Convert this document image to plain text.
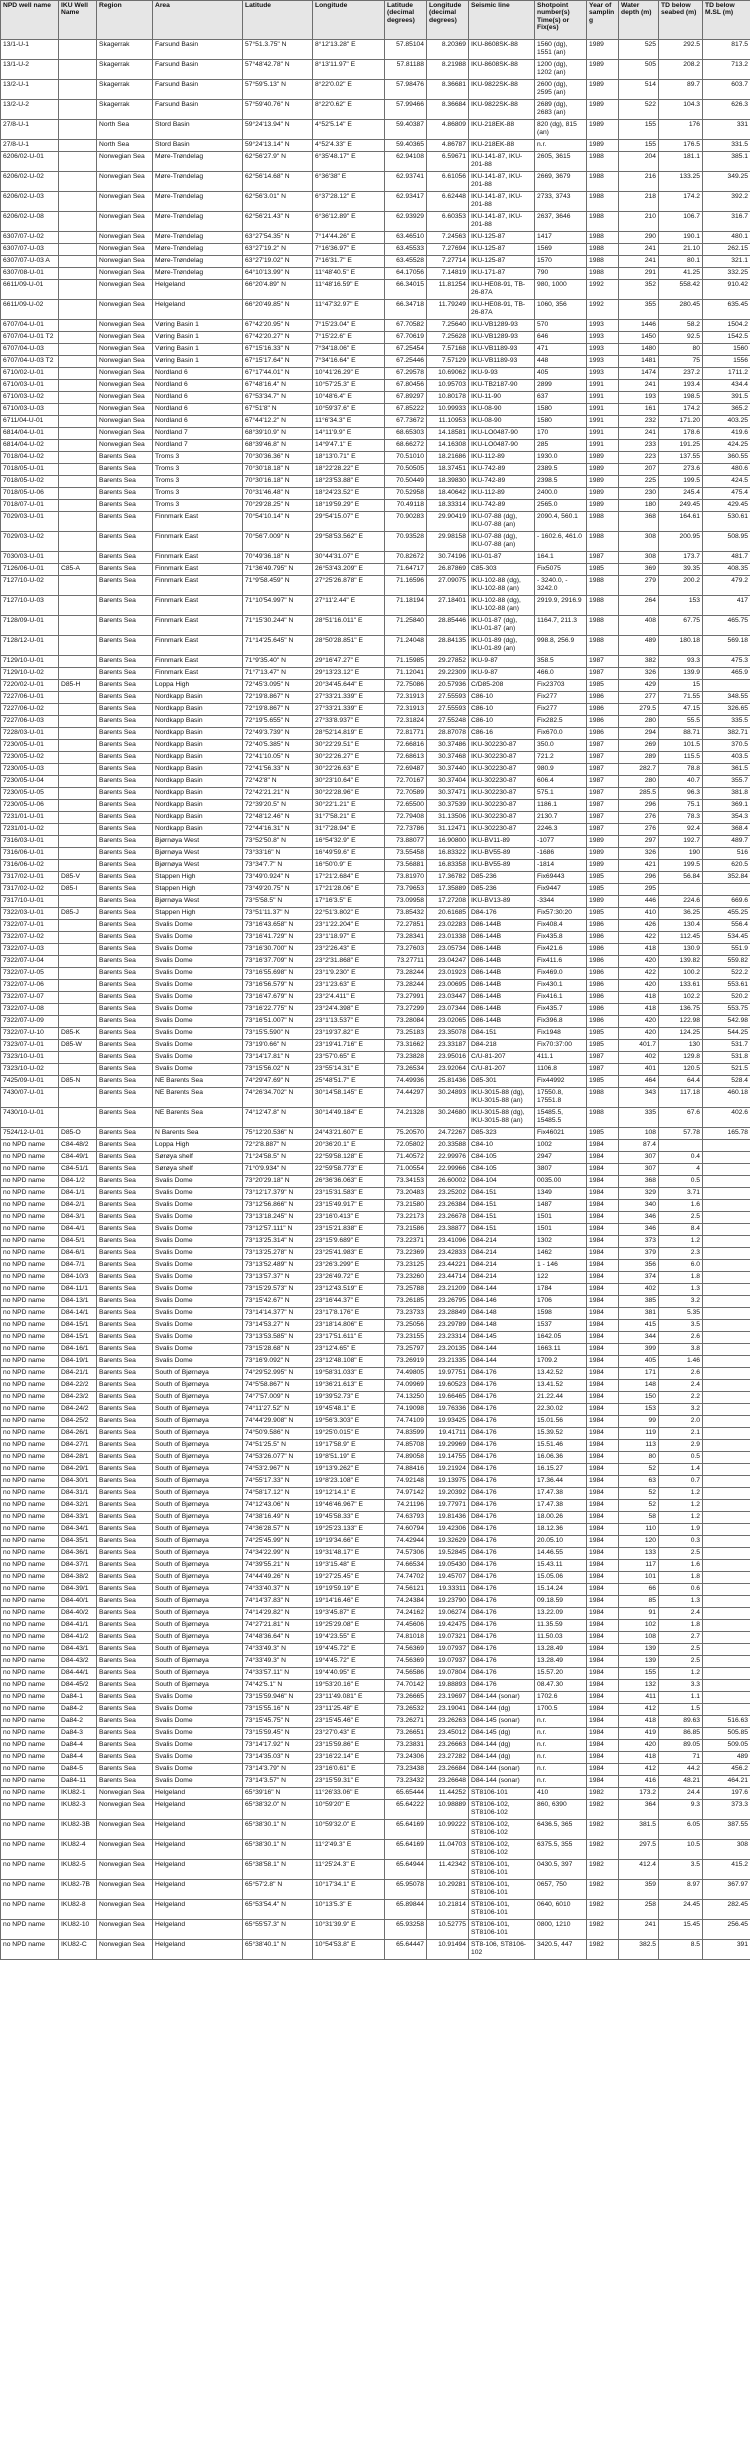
NPD well name	IKU Well Name	Region	Area	Latitude	Longitude	Latitude (decimal degrees)	Longitude (decimal degrees)	Seismic line	Shotpoint number(s) Time(s) or Fix(es)	Year of sampling	Water depth (m)	TD below seabed (m)	TD below M.SL (m)
13/1-U-1		Skagerrak	Farsund Basin	57°51.3.75" N	8°12'13.28" E	57.85104	8.20369	IKU-8608SK-88	1560 (dg), 1551 (an)	1989	525	292.5	817.5
13/1-U-2		Skagerrak	Farsund Basin	57°48'42.78" N	8°13'11.97" E	57.81188	8.21988	IKU-8608SK-88	1200 (dg), 1202 (an)	1989	505	208.2	713.2
13/2-U-1		Skagerrak	Farsund Basin	57°59'5.13" N	8°22'0.02" E	57.98476	8.36681	IKU-9822SK-88	2600 (dg), 2595 (an)	1989	514	89.7	603.7
13/2-U-2		Skagerrak	Farsund Basin	57°59'40.76" N	8°22'0.62" E	57.99466	8.36684	IKU-9822SK-88	2689 (dg), 2683 (an)	1989	522	104.3	626.3
27/8-U-1		North Sea	Stord Basin	59°24'13.94" N	4°52'5.14" E	59.40387	4.86809	IKU-218EK-88	820 (dg), 815 (an)	1989	155	176	331
27/8-U-1		North Sea	Stord Basin	59°24'13.14" N	4°52'4.33" E	59.40365	4.86787	IKU-218EK-88	n.r.	1989	155	176.5	331.5
6206/02-U-01		Norwegian Sea	Møre-Trøndelag	62°56'27.9" N	6°35'48.17" E	62.94108	6.59671	IKU-141-87, IKU-201-88	2605, 3615	1988	204	181.1	385.1
6206/02-U-02		Norwegian Sea	Møre-Trøndelag	62°56'14.68" N	6°36'38" E	62.93741	6.61056	IKU-141-87, IKU-201-88	2669, 3679	1988	216	133.25	349.25
6206/02-U-03		Norwegian Sea	Møre-Trøndelag	62°56'3.01" N	6°37'28.12" E	62.93417	6.62448	IKU-141-87, IKU-201-88	2733, 3743	1988	218	174.2	392.2
6206/02-U-08		Norwegian Sea	Møre-Trøndelag	62°56'21.43" N	6°36'12.89" E	62.93929	6.60353	IKU-141-87, IKU-201-88	2637, 3646	1988	210	106.7	316.7
6307/07-U-02		Norwegian Sea	Møre-Trøndelag	63°27'54.35" N	7°14'44.26" E	63.46510	7.24563	IKU-125-87	1417	1988	290	190.1	480.1
6307/07-U-03		Norwegian Sea	Møre-Trøndelag	63°27'19.2" N	7°16'36.97" E	63.45533	7.27694	IKU-125-87	1569	1988	241	21.10	262.15
6307/07-U-03 A		Norwegian Sea	Møre-Trøndelag	63°27'19.02" N	7°16'31.7" E	63.45528	7.27714	IKU-125-87	1570	1988	241	80.1	321.1
6307/08-U-01		Norwegian Sea	Møre-Trøndelag	64°10'13.99" N	11°48'40.5" E	64.17056	7.14819	IKU-171-87	790	1988	291	41.25	332.25
6611/09-U-01		Norwegian Sea	Helgeland	66°20'4.89" N	11°48'16.59" E	66.34015	11.81254	IKU-HE08-91, TB-26-87A	980, 1000	1992	352	558.42	910.42
6611/09-U-02		Norwegian Sea	Helgeland	66°20'49.85" N	11°47'32.97" E	66.34718	11.79249	IKU-HE08-91, TB-26-87A	1060, 356	1992	355	280.45	635.45
6707/04-U-01		Norwegian Sea	Vøring Basin 1	67°42'20.95" N	7°15'23.04" E	67.70582	7.25640	IKU-VB1289-93	570	1993	1446	58.2	1504.2
6707/04-U-01 T2		Norwegian Sea	Vøring Basin 1	67°42'20.27" N	7°15'22.6" E	67.70619	7.25628	IKU-VB1289-93	646	1993	1450	92.5	1542.5
6707/04-U-03		Norwegian Sea	Vøring Basin 1	67°15'16.33" N	7°34'18.06" E	67.25454	7.57168	IKU-VB1189-93	471	1993	1480	80	1560
6707/04-U-03 T2		Norwegian Sea	Vøring Basin 1	67°15'17.64" N	7°34'16.64" E	67.25446	7.57129	IKU-VB1189-93	448	1993	1481	75	1556
6710/02-U-01		Norwegian Sea	Nordland 6	67°17'44.01" N	10°41'26.29" E	67.29578	10.69062	IKU-9-93	405	1993	1474	237.2	1711.2
6710/03-U-01		Norwegian Sea	Nordland 6	67°48'16.4" N	10°57'25.3" E	67.80456	10.95703	IKU-TB2187-90	2899	1991	241	193.4	434.4
6710/03-U-02		Norwegian Sea	Nordland 6	67°53'34.7" N	10°48'6.4" E	67.89297	10.80178	IKU-11-90	637	1991	193	198.5	391.5
6710/03-U-03		Norwegian Sea	Nordland 6	67°51'8" N	10°59'37.6" E	67.85222	10.99933	IKU-08-90	1580	1991	161	174.2	365.2
6711/04-U-01		Norwegian Sea	Nordland 6	67°44'12.2" N	11°6'34.3" E	67.73672	11.10953	IKU-08-90	1580	1991	232	171.20	403.25
6814/04-U-01		Norwegian Sea	Nordland 7	68°39'10.9" N	14°11'9.9" E	68.65303	14.18581	IKU-LO0487-90	170	1991	241	178.6	419.6
6814/04-U-02		Norwegian Sea	Nordland 7	68°39'46.8" N	14°9'47.1" E	68.66272	14.16308	IKU-LO0487-90	285	1991	233	191.25	424.25
7018/04-U-02		Barents Sea	Troms 3	70°30'36.36" N	18°13'0.71" E	70.51010	18.21686	IKU-112-89	1930.0	1989	223	137.55	360.55
7018/05-U-01		Barents Sea	Troms 3	70°30'18.18" N	18°22'28.22" E	70.50505	18.37451	IKU-742-89	2389.5	1989	207	273.6	480.6
7018/05-U-02		Barents Sea	Troms 3	70°30'16.18" N	18°23'53.88" E	70.50449	18.39830	IKU-742-89	2398.5	1989	225	199.5	424.5
7018/05-U-06		Barents Sea	Troms 3	70°31'46.48" N	18°24'23.52" E	70.52958	18.40642	IKU-112-89	2400.0	1989	230	245.4	475.4
7018/07-U-01		Barents Sea	Troms 3	70°29'28.25" N	18°19'59.29" E	70.49118	18.33314	IKU-742-89	2565.0	1989	180	249.45	429.45
7029/03-U-01		Barents Sea	Finnmark East	70°54'10.14" N	29°54'15.07" E	70.90283	29.90419	IKU-07-88 (dg), IKU-07-88 (an)	2090.4, 560.1	1988	368	164.61	530.61
7029/03-U-02		Barents Sea	Finnmark East	70°56'7.009" N	29°58'53.562" E	70.93528	29.98158	IKU-07-88 (dg), IKU-07-88 (an)	- 1602.6, 461.0	1988	308	200.95	508.95
7030/03-U-01		Barents Sea	Finnmark East	70°49'36.18" N	30°44'31.07" E	70.82672	30.74196	IKU-01-87	164.1	1987	308	173.7	481.7
7126/06-U-01	C85-A	Barents Sea	Finnmark East	71°36'49.795" N	26°53'43.209" E	71.64717	26.87869	C85-303	Fix5075	1985	369	39.35	408.35
7127/10-U-02		Barents Sea	Finnmark East	71°9'58.459" N	27°25'26.878" E	71.16596	27.09075	IKU-102-88 (dg), IKU-102-88 (an)	- 3240.0, - 3242.0	1988	279	200.2	479.2
7127/10-U-03		Barents Sea	Finnmark East	71°10'54.997" N	27°11'2.44" E	71.18194	27.18401	IKU-102-88 (dg), IKU-102-88 (an)	2919.9, 2916.9	1988	264	153	417
7128/09-U-01		Barents Sea	Finnmark East	71°15'30.244" N	28°51'16.011" E	71.25840	28.85446	IKU-01-87 (dg), IKU-01-87 (an)	1164.7, 211.3	1988	408	67.75	465.75
7128/12-U-01		Barents Sea	Finnmark East	71°14'25.645" N	28°50'28.851" E	71.24048	28.84135	IKU-01-89 (dg), IKU-01-89 (an)	998.8, 256.9	1988	489	180.18	569.18
7129/10-U-01		Barents Sea	Finnmark East	71°9'35.40" N	29°16'47.27" E	71.15985	29.27852	IKU-9-87	358.5	1987	382	93.3	475.3
7129/10-U-02		Barents Sea	Finnmark East	71°7'13.47" N	29°13'23.12" E	71.12041	29.22309	IKU-9-87	466.0	1987	326	139.9	465.9
7220/02-U-01	D85-H	Barents Sea	Loppa High	72°45'3.095" N	20°34'45.644" E	72.75086	20.57936	C/D85-208	Fix23703	1985	429	15	
7227/06-U-01		Barents Sea	Nordkapp Basin	72°19'8.867" N	27°33'21.339" E	72.31913	27.55593	C86-10	Fix277	1986	277	71.55	348.55
7227/06-U-02		Barents Sea	Nordkapp Basin	72°19'8.867" N	27°33'21.339" E	72.31913	27.55593	C86-10	Fix277	1986	279.5	47.15	326.65
7227/06-U-03		Barents Sea	Nordkapp Basin	72°19'5.655" N	27°33'8.937" E	72.31824	27.55248	C86-10	Fix282.5	1986	280	55.5	335.5
7228/03-U-01		Barents Sea	Nordkapp Basin	72°49'3.739" N	28°52'14.819" E	72.81771	28.87078	C86-16	Fix670.0	1986	294	88.71	382.71
7230/05-U-01		Barents Sea	Nordkapp Basin	72°40'5.385" N	30°22'29.51" E	72.66816	30.37486	IKU-302230-87	350.0	1987	269	101.5	370.5
7230/05-U-02		Barents Sea	Nordkapp Basin	72°41'10.05" N	30°22'26.27" E	72.68613	30.37468	IKU-302230-87	721.2	1987	289	115.5	403.5
7230/05-U-03		Barents Sea	Nordkapp Basin	72°41'56.33" N	30°22'26.63" E	72.69487	30.37440	IKU-302230-87	980.9	1987	282.7	78.8	361.5
7230/05-U-04		Barents Sea	Nordkapp Basin	72°42'8" N	30°23'10.64" E	72.70167	30.37404	IKU-302230-87	606.4	1987	280	40.7	355.7
7230/05-U-05		Barents Sea	Nordkapp Basin	72°42'21.21" N	30°22'28.96" E	72.70589	30.37471	IKU-302230-87	575.1	1987	285.5	96.3	381.8
7230/05-U-06		Barents Sea	Nordkapp Basin	72°39'20.5" N	30°22'1.21" E	72.65500	30.37539	IKU-302230-87	1186.1	1987	296	75.1	369.1
7231/01-U-01		Barents Sea	Nordkapp Basin	72°48'12.46" N	31°7'58.21" E	72.79408	31.13506	IKU-302230-87	2130.7	1987	276	78.3	354.3
7231/01-U-02		Barents Sea	Nordkapp Basin	72°44'16.31" N	31°7'28.94" E	72.73786	31.12471	IKU-302230-87	2246.3	1987	276	92.4	368.4
7316/03-U-01		Barents Sea	Bjørnøya West	73°52'50.8" N	16°54'32.9" E	73.88077	16.90800	IKU-BV11-89	-1077	1989	297	192.7	489.7
7316/06-U-01		Barents Sea	Bjørnøya West	73°33'16" N	16°49'59.6" E	73.55458	16.83322	IKU-BV55-89	-1686	1989	326	190	516
7316/06-U-02		Barents Sea	Bjørnøya West	73°34'7.7" N	16°50'0.9" E	73.56881	16.83358	IKU-BV55-89	-1814	1989	421	199.5	620.5
7317/02-U-01	D85-V	Barents Sea	Stappen High	73°49'0.924" N	17°21'2.684" E	73.81970	17.36782	D85-236	Fix69443	1985	296	56.84	352.84
7317/02-U-02	D85-I	Barents Sea	Stappen High	73°49'20.75" N	17°21'28.06" E	73.79653	17.35889	D85-236	Fix9447	1985	295		
7317/10-U-01		Barents Sea	Bjørnøya West	73°5'58.5" N	17°16'3.5" E	73.09958	17.27208	IKU-BV13-89	-3344	1989	446	224.6	669.6
7322/03-U-01	D85-J	Barents Sea	Stappen High	73°51'11.37" N	22°51'3.802" E	73.85432	20.61685	D84-176	Fix57:30:20	1985	410	36.25	455.25
7322/07-U-01		Barents Sea	Svalis Dome	73°16'43.658" N	23°1'22.204" E	72.27851	23.02283	D86-144B	Fix408.4	1986	426	130.4	556.4
7322/07-U-02		Barents Sea	Svalis Dome	73°16'41.729" N	23°1'18.97" E	73.28341	23.01338	D86-144B	Fix435.8	1986	422	112.45	534.45
7322/07-U-03		Barents Sea	Svalis Dome	73°16'30.700" N	23°2'26.43" E	73.27603	23.05734	D86-144B	Fix421.6	1986	418	130.9	551.9
7322/07-U-04		Barents Sea	Svalis Dome	73°16'37.709" N	23°2'31.868" E	73.27711	23.04247	D86-144B	Fix411.6	1986	420	139.82	559.82
7322/07-U-05		Barents Sea	Svalis Dome	73°16'55.698" N	23°1'9.230" E	73.28244	23.01923	D86-144B	Fix469.0	1986	422	100.2	522.2
7322/07-U-06		Barents Sea	Svalis Dome	73°16'56.579" N	23°1'23.63" E	73.28244	23.00695	D86-144B	Fix430.1	1986	420	133.61	553.61
7322/07-U-07		Barents Sea	Svalis Dome	73°16'47.679" N	23°2'4.411" E	73.27991	23.03447	D86-144B	Fix416.1	1986	418	102.2	520.2
7322/07-U-08		Barents Sea	Svalis Dome	73°16'22.775" N	23°24'4.398" E	73.27299	23.07344	D86-144B	Fix435.7	1986	418	136.75	553.75
7322/07-U-09		Barents Sea	Svalis Dome	73°16'51.007" N	23°1'13.537" E	73.28084	23.02065	D86-144B	Fix396.8	1986	420	122.98	542.98
7322/07-U-10	D85-K	Barents Sea	Svalis Dome	73°15'5.590" N	23°19'37.82" E	73.25183	23.35078	D84-151	Fix1948	1985	420	124.25	544.25
7323/07-U-01	D85-W	Barents Sea	Svalis Dome	73°19'0.66" N	23°19'41.716" E	73.31662	23.33187	D84-218	Fix70:37:00	1985	401.7	130	531.7
7323/10-U-01		Barents Sea	Svalis Dome	73°14'17.81" N	23°57'0.65" E	73.23828	23.95016	C/U-81-207	411.1	1987	402	129.8	531.8
7323/10-U-02		Barents Sea	Svalis Dome	73°15'56.02" N	23°55'14.31" E	73.26534	23.92064	C/U-81-207	1106.8	1987	401	120.5	521.5
7425/09-U-01	D85-N	Barents Sea	NE Barents Sea	74°29'47.69" N	25°48'51.7" E	74.49936	25.81436	D85-301	Fix44992	1985	464	64.4	528.4
7430/07-U-01		Barents Sea	NE Barents Sea	74°26'34.702" N	30°14'58.145" E	74.44297	30.24893	IKU-3015-88 (dg), IKU-3015-88 (an)	17550.8, 17551.8	1988	343	117.18	460.18
7430/10-U-01		Barents Sea	NE Barents Sea	74°12'47.8" N	30°14'49.184" E	74.21328	30.24680	IKU-3015-88 (dg), IKU-3015-88 (an)	15485.5, 15485.5	1988	335	67.6	402.6
7524/12-U-01	D85-O	Barents Sea	N Barents Sea	75°12'20.536" N	24°43'21.607" E	75.20570	24.72267	D85-323	Fix46021	1985	108	57.78	165.78
no NPD name	C84-48/2	Barents Sea	Loppa High	72°2'8.887" N	20°36'20.1" E	72.05802	20.33588	C84-10	1002	1984	87.4		
no NPD name	C84-49/1	Barents Sea	Sørøya shelf	71°24'58.5" N	22°59'58.128" E	71.40572	22.99976	C84-105	2947	1984	307	0.4	
no NPD name	C84-51/1	Barents Sea	Sørøya shelf	71°0'9.934" N	22°59'58.773" E	71.00554	22.99966	C84-105	3807	1984	307	4	
no NPD name	D84-1/2	Barents Sea	Svalis Dome	73°20'29.18" N	26°36'36.063" E	73.34153	26.60002	D84-104	0035.00	1984	368	0.5	
no NPD name	D84-1/1	Barents Sea	Svalis Dome	73°12'17.379" N	23°15'31.583" E	73.20483	23.25202	D84-151	1349	1984	329	3.71	
no NPD name	D84-2/1	Barents Sea	Svalis Dome	73°12'56.866" N	23°15'49.917" E	73.21580	23.26384	D84-151	1487	1984	340	1.6	
no NPD name	D84-3/1	Barents Sea	Svalis Dome	73°13'18.245" N	23°16'0.413" E	73.22173	23.26678	D84-151	1501	1984	346	2.5	
no NPD name	D84-4/1	Barents Sea	Svalis Dome	73°12'57.111" N	23°15'21.838" E	73.21586	23.38877	D84-151	1501	1984	346	8.4	
no NPD name	D84-5/1	Barents Sea	Svalis Dome	73°13'25.314" N	23°15'9.689" E	73.22371	23.41096	D84-214	1302	1984	373	1.2	
no NPD name	D84-6/1	Barents Sea	Svalis Dome	73°13'25.278" N	23°25'41.983" E	73.22369	23.42833	D84-214	1462	1984	379	2.3	
no NPD name	D84-7/1	Barents Sea	Svalis Dome	73°13'52.489" N	23°26'3.299" E	73.23125	23.44221	D84-214	1 - 146	1984	356	6.0	
no NPD name	D84-10/3	Barents Sea	Svalis Dome	73°13'57.37" N	23°26'49.72" E	73.23260	23.44714	D84-214	122	1984	374	1.8	
no NPD name	D84-11/1	Barents Sea	Svalis Dome	73°15'29.573" N	23°12'43.519" E	73.25788	23.21209	D84-144	1784	1984	402	1.3	
no NPD name	D84-13/1	Barents Sea	Svalis Dome	73°15'42.67" N	23°16'44.37" E	73.26185	23.26795	D84-146	1706	1984	385	3.2	
no NPD name	D84-14/1	Barents Sea	Svalis Dome	73°14'14.377" N	23°17'8.176" E	73.23733	23.28849	D84-148	1598	1984	381	5.35	
no NPD name	D84-15/1	Barents Sea	Svalis Dome	73°14'53.27" N	23°18'14.806" E	73.25056	23.29789	D84-148	1537	1984	415	3.5	
no NPD name	D84-15/1	Barents Sea	Svalis Dome	73°13'53.585" N	23°17'51.611" E	73.23155	23.23314	D84-145	1642.05	1984	344	2.6	
no NPD name	D84-16/1	Barents Sea	Svalis Dome	73°15'28.68" N	23°12'4.65" E	73.25797	23.20135	D84-144	1663.11	1984	399	3.8	
no NPD name	D84-19/1	Barents Sea	Svalis Dome	73°16'9.092" N	23°12'48.108" E	73.26919	23.21335	D84-144	1709.2	1984	405	1.46	
no NPD name	D84-21/1	Barents Sea	South of Bjørnøya	74°29'52.995" N	19°58'31.033" E	74.49805	19.97751	D84-176	13.42.52	1984	171	2.6	
no NPD name	D84-22/2	Barents Sea	South of Bjørnøya	74°5'58.867" N	19°36'21.613" E	74.09969	19.60523	D84-176	13.41.52	1984	148	2.4	
no NPD name	D84-23/2	Barents Sea	South of Bjørnøya	74°7'57.009" N	19°39'52.73" E	74.13250	19.66465	D84-176	21.22.44	1984	150	2.2	
no NPD name	D84-24/2	Barents Sea	South of Bjørnøya	74°11'27.52" N	19°45'48.1" E	74.19098	19.76336	D84-176	22.30.02	1984	153	3.2	
no NPD name	D84-25/2	Barents Sea	South of Bjørnøya	74°44'29.908" N	19°56'3.303" E	74.74109	19.93425	D84-176	15.01.56	1984	99	2.0	
no NPD name	D84-26/1	Barents Sea	South of Bjørnøya	74°50'9.586" N	19°25'0.015" E	74.83599	19.41711	D84-176	15.39.52	1984	119	2.1	
no NPD name	D84-27/1	Barents Sea	South of Bjørnøya	74°51'25.5" N	19°17'58.9" E	74.85708	19.29969	D84-176	15.51.46	1984	113	2.9	
no NPD name	D84-28/1	Barents Sea	South of Bjørnøya	74°53'26.077" N	19°8'51.19" E	74.89058	19.14755	D84-176	16.06.36	1984	80	0.5	
no NPD name	D84-29/1	Barents Sea	South of Bjørnøya	74°53'2.967" N	19°13'9.262" E	74.88416	19.21924	D84-176	16.15.27	1984	52	1.4	
no NPD name	D84-30/1	Barents Sea	South of Bjørnøya	74°55'17.33" N	19°8'23.108" E	74.92148	19.13975	D84-176	17.36.44	1984	63	0.7	
no NPD name	D84-31/1	Barents Sea	South of Bjørnøya	74°58'17.12" N	19°12'14.1" E	74.97142	19.20392	D84-176	17.47.38	1984	52	1.2	
no NPD name	D84-32/1	Barents Sea	South of Bjørnøya	74°12'43.06" N	19°46'46.967" E	74.21196	19.77971	D84-176	17.47.38	1984	52	1.2	
no NPD name	D84-33/1	Barents Sea	South of Bjørnøya	74°38'16.49" N	19°45'58.33" E	74.63793	19.81436	D84-176	18.00.26	1984	58	1.2	
no NPD name	D84-34/1	Barents Sea	South of Bjørnøya	74°36'28.57" N	19°25'23.133" E	74.60794	19.42306	D84-176	18.12.36	1984	110	1.9	
no NPD name	D84-35/1	Barents Sea	South of Bjørnøya	74°25'45.99" N	19°19'34.66" E	74.42944	19.32629	D84-176	20.05.10	1984	120	0.3	
no NPD name	D84-36/1	Barents Sea	South of Bjørnøya	74°34'22.99" N	19°31'48.17" E	74.57306	19.52845	D84-176	14.46.55	1984	133	2.5	
no NPD name	D84-37/1	Barents Sea	South of Bjørnøya	74°39'55.21" N	19°3'15.48" E	74.66534	19.05430	D84-176	15.43.11	1984	117	1.6	
no NPD name	D84-38/2	Barents Sea	South of Bjørnøya	74°44'49.26" N	19°27'25.45" E	74.74702	19.45707	D84-176	15.05.06	1984	101	1.8	
no NPD name	D84-39/1	Barents Sea	South of Bjørnøya	74°33'40.37" N	19°19'59.19" E	74.56121	19.33311	D84-176	15.14.24	1984	66	0.6	
no NPD name	D84-40/1	Barents Sea	South of Bjørnøya	74°14'37.83" N	19°14'16.46" E	74.24384	19.23790	D84-176	09.18.59	1984	85	1.3	
no NPD name	D84-40/2	Barents Sea	South of Bjørnøya	74°14'29.82" N	19°3'45.87" E	74.24162	19.06274	D84-176	13.22.09	1984	91	2.4	
no NPD name	D84-41/1	Barents Sea	South of Bjørnøya	74°27'21.81" N	19°25'29.08" E	74.45606	19.42475	D84-176	11.35.59	1984	102	1.8	
no NPD name	D84-41/2	Barents Sea	South of Bjørnøya	74°48'36.64" N	19°4'23.55" E	74.81018	19.07321	D84-176	11.50.03	1984	108	2.7	
no NPD name	D84-43/1	Barents Sea	South of Bjørnøya	74°33'49.3" N	19°4'45.72" E	74.56369	19.07937	D84-176	13.28.49	1984	139	2.5	
no NPD name	D84-43/2	Barents Sea	South of Bjørnøya	74°33'49.3" N	19°4'45.72" E	74.56369	19.07937	D84-176	13.28.49	1984	139	2.5	
no NPD name	D84-44/1	Barents Sea	South of Bjørnøya	74°33'57.11" N	19°4'40.95" E	74.56586	19.07804	D84-176	15.57.20	1984	155	1.2	
no NPD name	D84-45/2	Barents Sea	South of Bjørnøya	74°42'5.1" N	19°53'20.16" E	74.70142	19.88893	D84-176	08.47.30	1984	132	3.3	
no NPD name	Da84-1	Barents Sea	Svalis Dome	73°15'59.946" N	23°11'49.081" E	73.26665	23.19697	D84-144 (sonar)	1702.6	1984	411	1.1	
no NPD name	Da84-2	Barents Sea	Svalis Dome	73°15'55.16" N	23°11'25.48" E	73.26532	23.19041	D84-144 (dg)	1700.5	1984	412	1.5	
no NPD name	Da84-2	Barents Sea	Svalis Dome	73°15'45.75" N	23°15'45.46" E	73.26271	23.26263	D84-145 (sonar)	n.r.	1984	418	89.63	516.63
no NPD name	Da84-3	Barents Sea	Svalis Dome	73°15'59.45" N	23°27'0.43" E	73.26651	23.45012	D84-145 (dg)	n.r.	1984	419	86.85	505.85
no NPD name	Da84-4	Barents Sea	Svalis Dome	73°14'17.92" N	23°15'59.86" E	73.23831	23.26663	D84-144 (dg)	n.r.	1984	420	89.05	509.05
no NPD name	Da84-4	Barents Sea	Svalis Dome	73°14'35.03" N	23°16'22.14" E	73.24306	23.27282	D84-144 (dg)	n.r.	1984	418	71	489
no NPD name	Da84-5	Barents Sea	Svalis Dome	73°14'3.79" N	23°16'0.61" E	73.23438	23.26684	D84-144 (sonar)	n.r.	1984	412	44.2	456.2
no NPD name	Da84-11	Barents Sea	Svalis Dome	73°14'3.57" N	23°15'59.31" E	73.23432	23.26648	D84-144 (sonar)	n.r.	1984	416	48.21	464.21
no NPD name	IKU82-1	Norwegian Sea	Helgeland	65°39'16" N	11°26'33.06" E	65.65444	11.44252	ST8106-101	410	1982	173.2	24.4	197.6
no NPD name	IKU82-3	Norwegian Sea	Helgeland	65°38'32.0" N	10°59'20" E	65.64222	10.98889	ST8106-102, ST8106-102	860, 6390	1982	364	9.3	373.3
no NPD name	IKU82-3B	Norwegian Sea	Helgeland	65°38'30.1" N	10°59'32.0" E	65.64169	10.99222	ST8106-102, ST8106-102	6436.5, 365	1982	381.5	6.05	387.55
no NPD name	IKU82-4	Norwegian Sea	Helgeland	65°38'30.1" N	11°2'49.3" E	65.64169	11.04703	ST8106-102, ST8106-102	6375.5, 355	1982	297.5	10.5	308
no NPD name	IKU82-5	Norwegian Sea	Helgeland	65°38'58.1" N	11°25'24.3" E	65.64944	11.42342	ST8106-101, ST8106-101	0430.5, 397	1982	412.4	3.5	415.2
no NPD name	IKU82-7B	Norwegian Sea	Helgeland	65°57'2.8" N	10°17'34.1" E	65.95078	10.29281	ST8106-101, ST8106-101	0657, 750	1982	359	8.97	367.97
no NPD name	IKU82-8	Norwegian Sea	Helgeland	65°53'54.4" N	10°13'5.3" E	65.89844	10.21814	ST8106-101, ST8106-101	0640, 6010	1982	258	24.45	282.45
no NPD name	IKU82-10	Norwegian Sea	Helgeland	65°55'57.3" N	10°31'39.9" E	65.93258	10.52775	ST8106-101, ST8106-101	0800, 1210	1982	241	15.45	256.45
no NPD name	IKU82-C	Norwegian Sea	Helgeland	65°38'40.1" N	10°54'53.8" E	65.64447	10.91494	ST8-106, ST8106-102	3420.5, 447	1982	382.5	8.5	391
